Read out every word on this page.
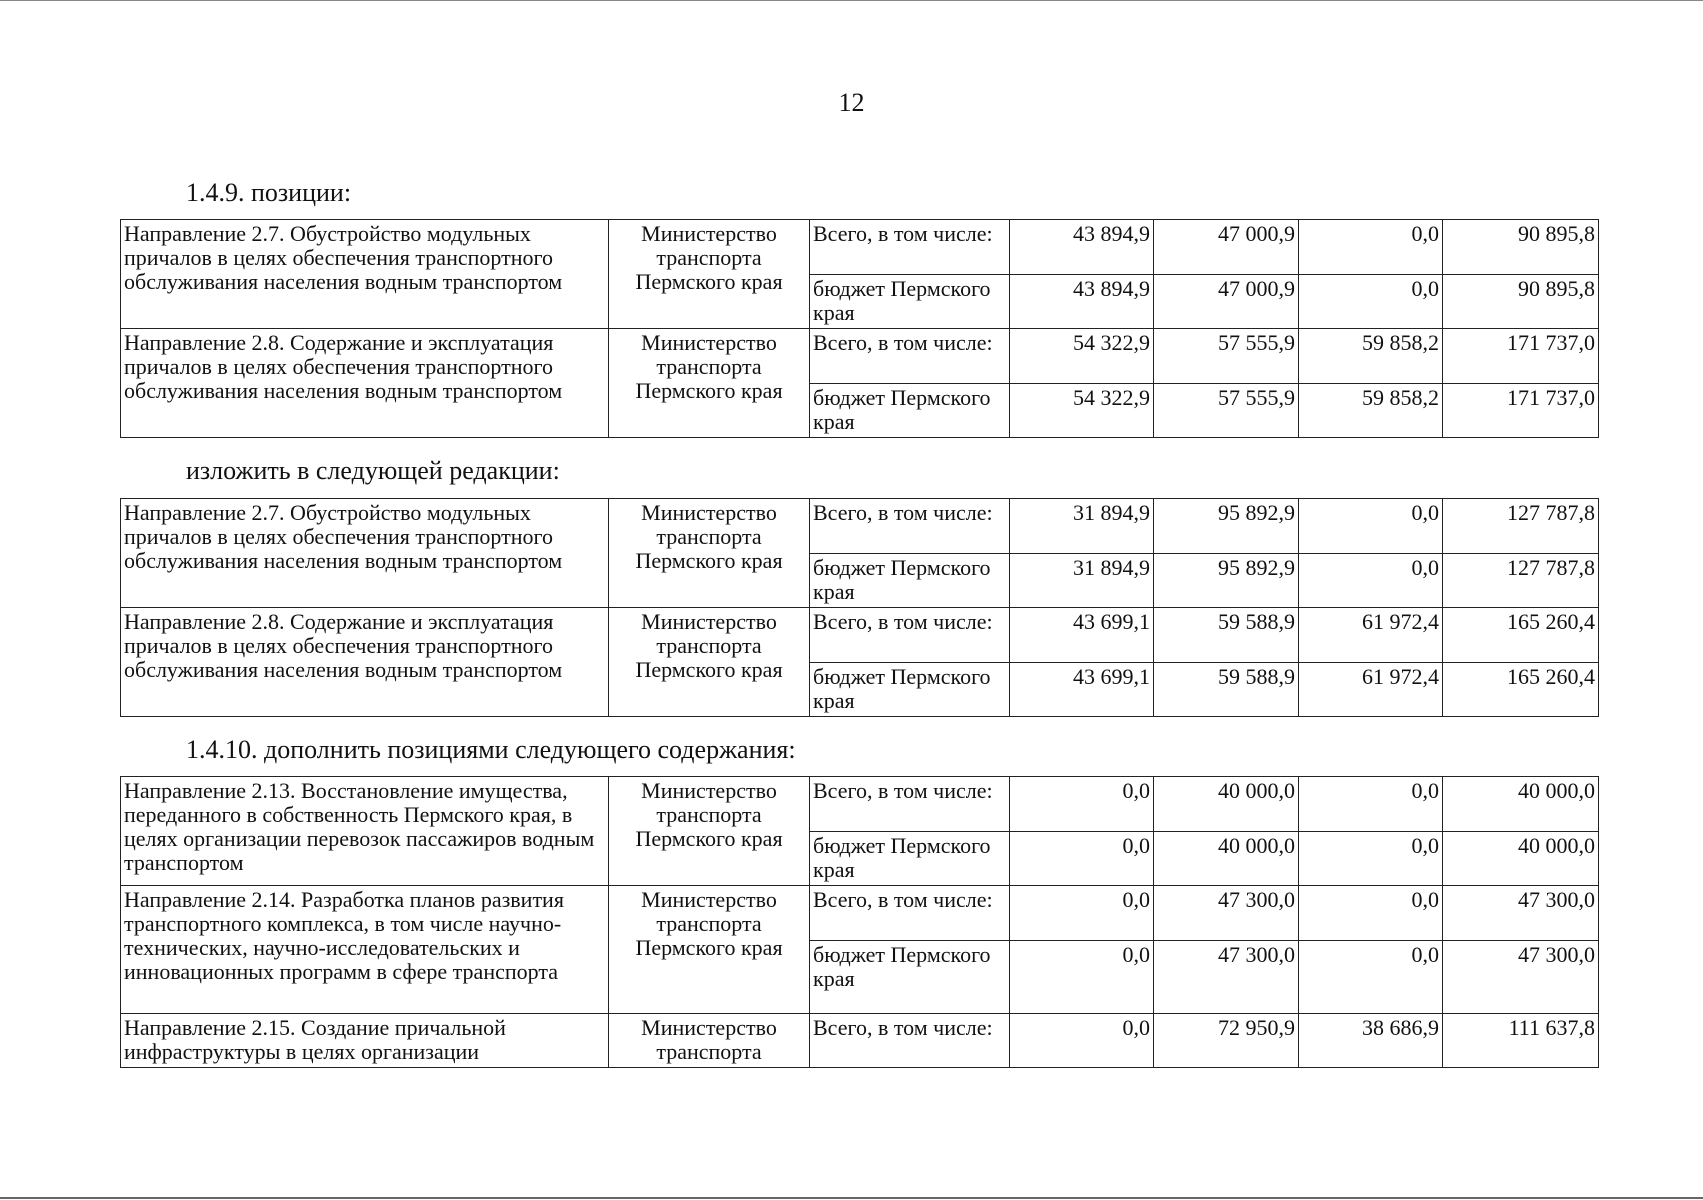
12
1.4.9. позиции:
Направление 2.7. Обустройство модульных причалов в целях обеспечения транспортного обслуживания населения водным транспортом	Министерство транспорта Пермского края	Всего, в том числе:	43 894,9	47 000,9	0,0	90 895,8
		бюджет Пермского края	43 894,9	47 000,9	0,0	90 895,8
Направление 2.8. Содержание и эксплуатация причалов в целях обеспечения транспортного обслуживания населения водным транспортом	Министерство транспорта Пермского края	Всего, в том числе:	54 322,9	57 555,9	59 858,2	171 737,0
		бюджет Пермского края	54 322,9	57 555,9	59 858,2	171 737,0
изложить в следующей редакции:
Направление 2.7. Обустройство модульных причалов в целях обеспечения транспортного обслуживания населения водным транспортом	Министерство транспорта Пермского края	Всего, в том числе:	31 894,9	95 892,9	0,0	127 787,8
		бюджет Пермского края	31 894,9	95 892,9	0,0	127 787,8
Направление 2.8. Содержание и эксплуатация причалов в целях обеспечения транспортного обслуживания населения водным транспортом	Министерство транспорта Пермского края	Всего, в том числе:	43 699,1	59 588,9	61 972,4	165 260,4
		бюджет Пермского края	43 699,1	59 588,9	61 972,4	165 260,4
1.4.10. дополнить позициями следующего содержания:
Направление 2.13. Восстановление имущества, переданного в собственность Пермского края, в целях организации перевозок пассажиров водным транспортом	Министерство транспорта Пермского края	Всего, в том числе:	0,0	40 000,0	0,0	40 000,0
		бюджет Пермского края	0,0	40 000,0	0,0	40 000,0
Направление 2.14. Разработка планов развития транспортного комплекса, в том числе научно-технических, научно-исследовательских и инновационных программ в сфере транспорта	Министерство транспорта Пермского края	Всего, в том числе:	0,0	47 300,0	0,0	47 300,0
		бюджет Пермского края	0,0	47 300,0	0,0	47 300,0
Направление 2.15. Создание причальной инфраструктуры в целях организации	Министерство транспорта	Всего, в том числе:	0,0	72 950,9	38 686,9	111 637,8
